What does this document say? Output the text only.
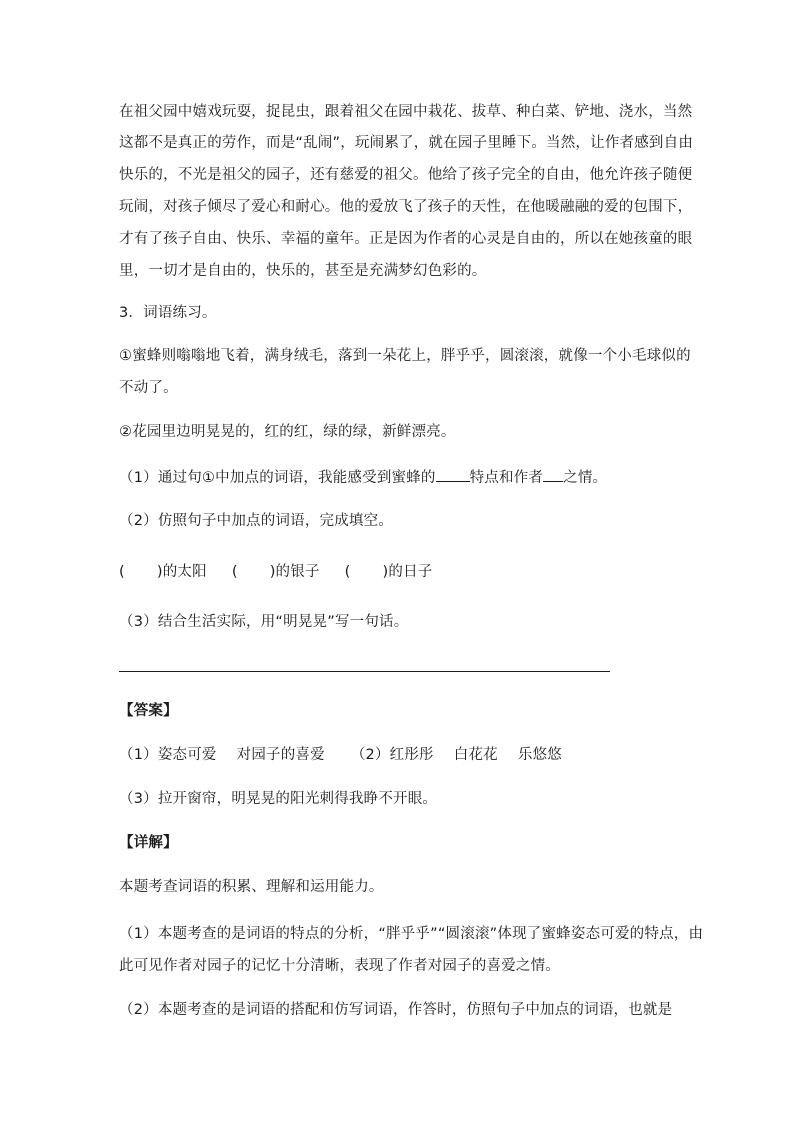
在祖父园中嬉戏玩耍，捉昆虫，跟着祖父在园中栽花、拔草、种白菜、铲地、浇水，当然
这都不是真正的劳作，而是“乱闹”，玩闹累了，就在园子里睡下。当然，让作者感到自由
快乐的，不光是祖父的园子，还有慈爱的祖父。他给了孩子完全的自由，他允许孩子随便
玩闹，对孩子倾尽了爱心和耐心。他的爱放飞了孩子的天性，在他暖融融的爱的包围下，
才有了孩子自由、快乐、幸福的童年。正是因为作者的心灵是自由的，所以在她孩童的眼
里，一切才是自由的，快乐的，甚至是充满梦幻色彩的。
3．词语练习。
①蜜蜂则嗡嗡地飞着，满身绒毛，落到一朵花上，胖乎乎，圆滚滚，就像一个小毛球似的
不动了。
②花园里边明晃晃的，红的红，绿的绿，新鲜漂亮。
（1）通过句①中加点的词语，我能感受到蜜蜂的 特点和作者 之情。
（2）仿照句子中加点的词语，完成填空。
( )的太阳 ( )的银子 ( )的日子
（3）结合生活实际，用“明晃晃”写一句话。
【答案】
（1）姿态可爱 对园子的喜爱 （2）红彤彤 白花花 乐悠悠
（3）拉开窗帘，明晃晃的阳光刺得我睁不开眼。
【详解】
本题考查词语的积累、理解和运用能力。
（1）本题考查的是词语的特点的分析，“胖乎乎”“圆滚滚”体现了蜜蜂姿态可爱的特点，由
此可见作者对园子的记忆十分清晰，表现了作者对园子的喜爱之情。
（2）本题考查的是词语的搭配和仿写词语，作答时，仿照句子中加点的词语，也就是
